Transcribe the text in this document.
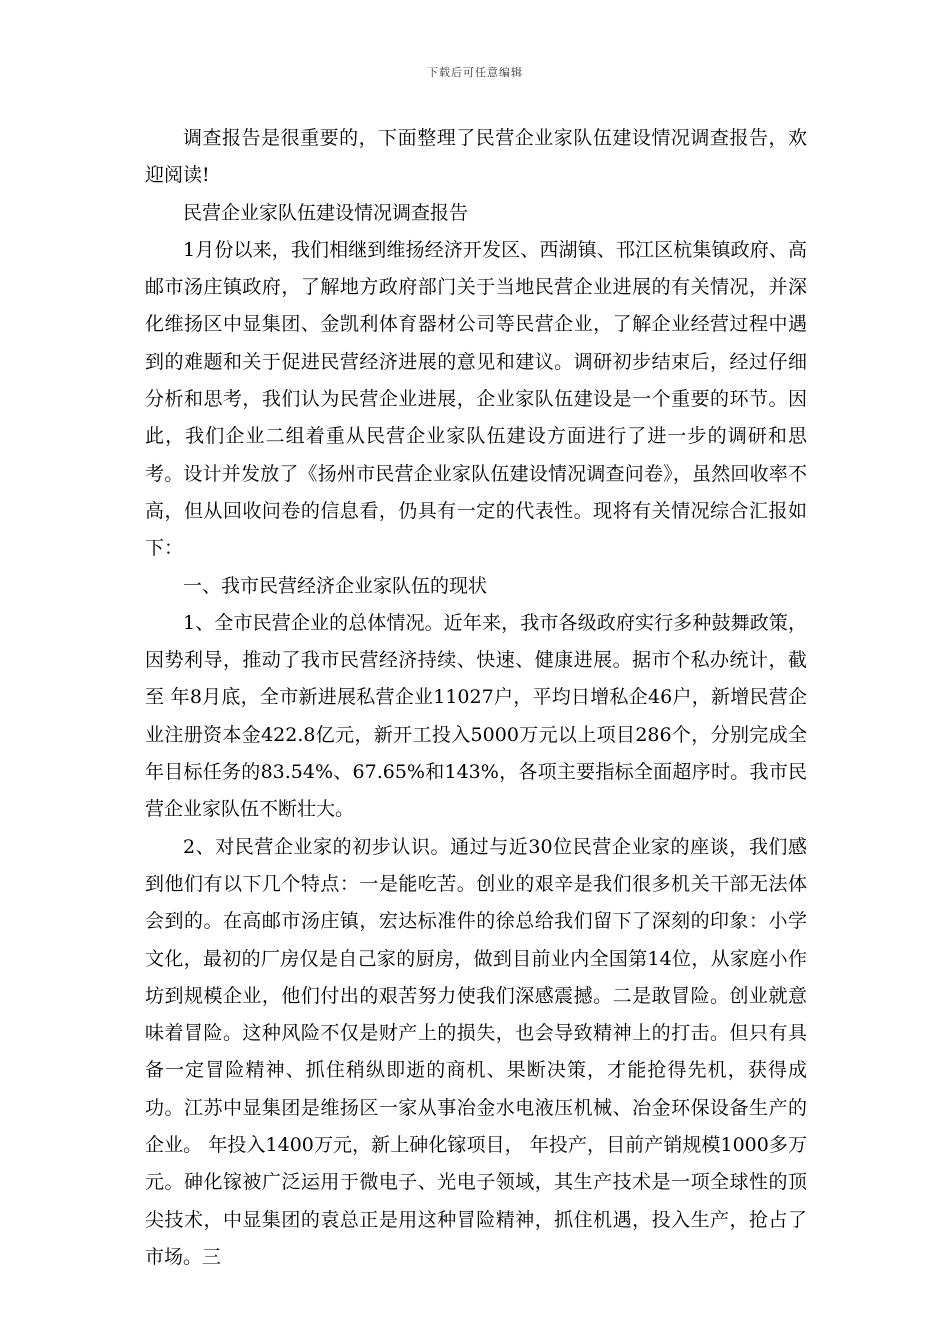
下载后可任意编辑

调查报告是很重要的，下面整理了民营企业家队伍建设情况调查报告，欢迎阅读!

民营企业家队伍建设情况调查报告

1月份以来，我们相继到维扬经济开发区、西湖镇、邗江区杭集镇政府、高邮市汤庄镇政府，了解地方政府部门关于当地民营企业进展的有关情况，并深化维扬区中显集团、金凯利体育器材公司等民营企业，了解企业经营过程中遇到的难题和关于促进民营经济进展的意见和建议。调研初步结束后，经过仔细分析和思考，我们认为民营企业进展，企业家队伍建设是一个重要的环节。因此，我们企业二组着重从民营企业家队伍建设方面进行了进一步的调研和思考。设计并发放了《扬州市民营企业家队伍建设情况调查问卷》，虽然回收率不高，但从回收问卷的信息看，仍具有一定的代表性。现将有关情况综合汇报如下：

一、我市民营经济企业家队伍的现状

1、全市民营企业的总体情况。近年来，我市各级政府实行多种鼓舞政策，因势利导，推动了我市民营经济持续、快速、健康进展。据市个私办统计，截至 年8月底，全市新进展私营企业11027户，平均日增私企46户，新增民营企业注册资本金422.8亿元，新开工投入5000万元以上项目286个，分别完成全年目标任务的83.54%、67.65%和143%，各项主要指标全面超序时。我市民营企业家队伍不断壮大。

2、对民营企业家的初步认识。通过与近30位民营企业家的座谈，我们感到他们有以下几个特点：一是能吃苦。创业的艰辛是我们很多机关干部无法体会到的。在高邮市汤庄镇，宏达标准件的徐总给我们留下了深刻的印象：小学文化，最初的厂房仅是自己家的厨房，做到目前业内全国第14位，从家庭小作坊到规模企业，他们付出的艰苦努力使我们深感震撼。二是敢冒险。创业就意味着冒险。这种风险不仅是财产上的损失，也会导致精神上的打击。但只有具备一定冒险精神、抓住稍纵即逝的商机、果断决策，才能抢得先机，获得成功。江苏中显集团是维扬区一家从事冶金水电液压机械、冶金环保设备生产的企业。 年投入1400万元，新上砷化镓项目， 年投产，目前产销规模1000多万元。砷化镓被广泛运用于微电子、光电子领域，其生产技术是一项全球性的顶尖技术，中显集团的袁总正是用这种冒险精神，抓住机遇，投入生产，抢占了市场。三
